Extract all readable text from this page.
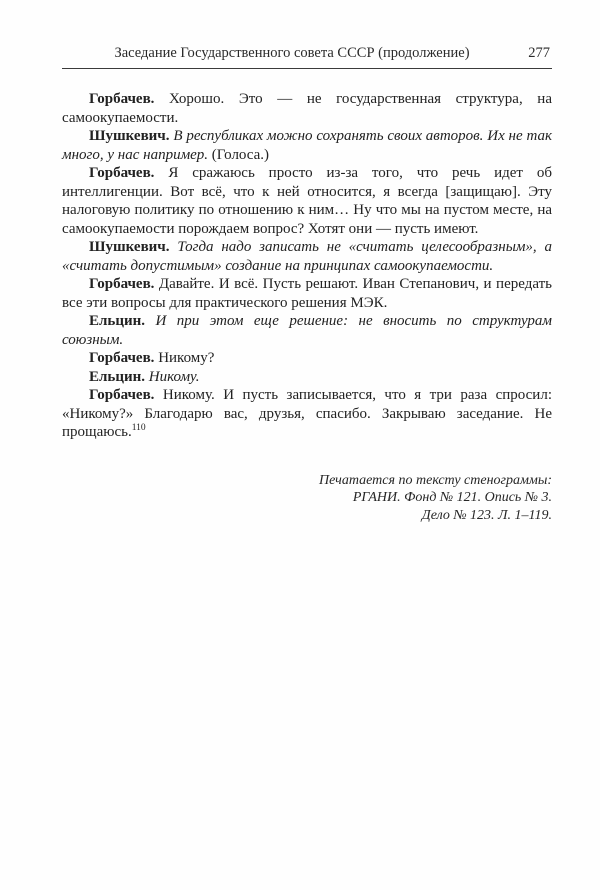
Заседание Государственного совета СССР (продолжение)	277

Горбачев. Хорошо. Это — не государственная структура, на самоокупаемости.

Шушкевич. В республиках можно сохранять своих авторов. Их не так много, у нас например. (Голоса.)

Горбачев. Я сражаюсь просто из-за того, что речь идет об интеллигенции. Вот всё, что к ней относится, я всегда [защищаю]. Эту налоговую политику по отношению к ним… Ну что мы на пустом месте, на самоокупаемости порождаем вопрос? Хотят они — пусть имеют.

Шушкевич. Тогда надо записать не «считать целесообразным», а «считать допустимым» создание на принципах самоокупаемости.

Горбачев. Давайте. И всё. Пусть решают. Иван Степанович, и передать все эти вопросы для практического решения МЭК.

Ельцин. И при этом еще решение: не вносить по структурам союзным.

Горбачев. Никому?

Ельцин. Никому.

Горбачев. Никому. И пусть записывается, что я три раза спросил: «Никому?» Благодарю вас, друзья, спасибо. Закрываю заседание. Не прощаюсь.$^{110}$

Печатается по тексту стенограммы:
РГАНИ. Фонд № 121. Опись № 3.
Дело № 123. Л. 1–119.
